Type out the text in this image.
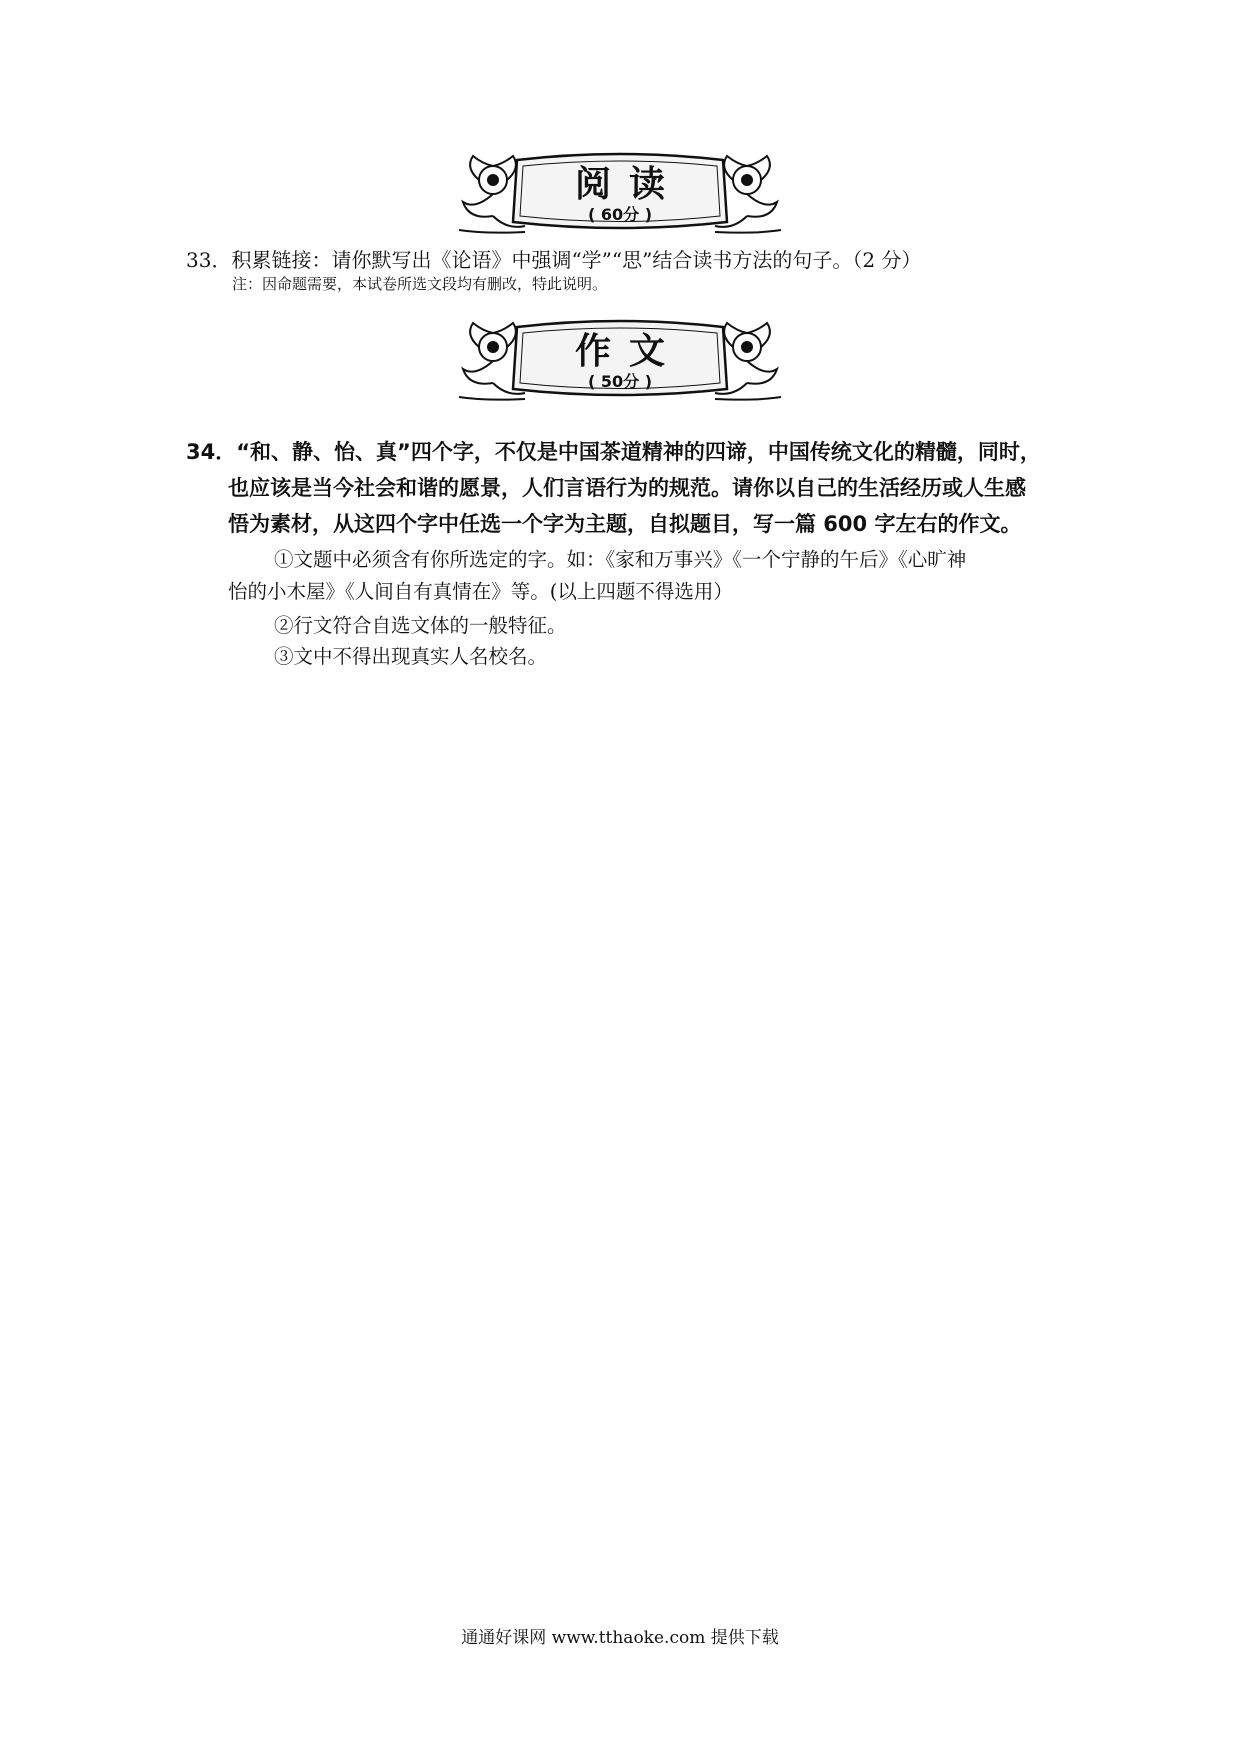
阅读
( 60分 )
33．积累链接：请你默写出《论语》中强调“学”“思”结合读书方法的句子。（2 分）
注：因命题需要，本试卷所选文段均有删改，特此说明。
作文
( 50分 )
34．“和、静、怡、真”四个字，不仅是中国茶道精神的四谛，中国传统文化的精髓，同时，
也应该是当今社会和谐的愿景，人们言语行为的规范。请你以自己的生活经历或人生感
悟为素材，从这四个字中任选一个字为主题，自拟题目，写一篇 600 字左右的作文。
①文题中必须含有你所选定的字。如：《家和万事兴》《一个宁静的午后》《心旷神
怡的小木屋》《人间自有真情在》等。(以上四题不得选用）
②行文符合自选文体的一般特征。
③文中不得出现真实人名校名。
通通好课网 www.tthaoke.com 提供下载
